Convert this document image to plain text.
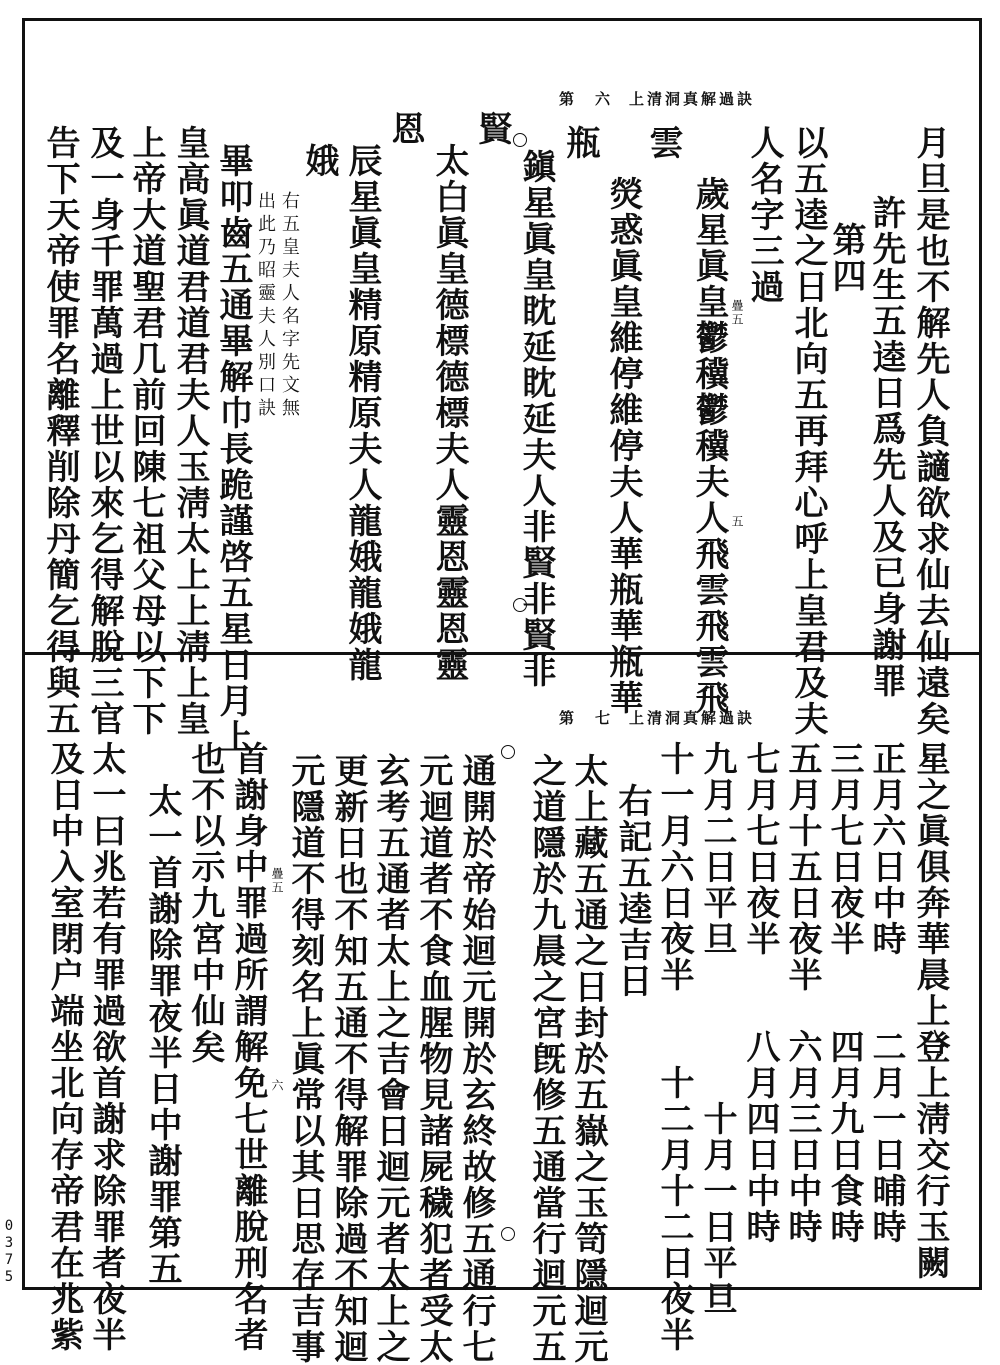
0
3
7
5
上清洞真解過訣
第　六
月旦是也不解先人負讁欲求仙去仙遠矣
許先生五逵日爲先人及已身謝罪
第四
以五逵之日北向五再拜心呼上皇君及夫
人名字三過
疊五
五
歲星眞皇鬱䆊鬱䆊夫人飛雲飛雲飛
雲
熒惑眞皇維停維停夫人華瓶華瓶華
瓶
鎭星眞皇眈延眈延夫人非賢非賢非
賢
太白眞皇德標德標夫人靈恩靈恩靈
恩
辰星眞皇精原精原夫人龍娥龍娥龍
娥
右五皇夫人名字先文無
出此乃昭靈夫人別口訣
畢叩齒五通畢解巾長跪謹啓五星日月上
皇高眞道君道君夫人玉淸太上上淸上皇
上帝大道聖君几前回陳七祖父母以下下
及一身千罪萬過上世以來乞得解脫三官
告下天帝使罪名離釋削除丹簡乞得與五	上清洞真解過訣
第　七
星之眞俱奔華晨上登上淸交行玉闕
正月六日中時　　二月一日晡時
三月七日夜半　　四月九日食時
五月十五日夜半　六月三日中時
七月七日夜半　　八月四日中時
九月二日平旦　　　　十月一日平旦
十一月六日夜半　　十二月十二日夜半
右記五逵吉日
太上藏五通之日封於五嶽之玉笥隱迴元
之道隱於九晨之宮旣修五通當行迴元五
通開於帝始迴元開於玄終故修五通行七
元迴道者不食血腥物見諸屍穢犯者受太
玄考五通者太上之吉會日迴元者太上之
更新日也不知五通不得解罪除過不知迴
元隱道不得刻名上眞常以其日思存吉事
疊五
六
首謝身中罪過所謂解免七世離脫刑名者
也不以示九宮中仙矣
太一首謝除罪夜半日中謝罪第五
太一曰兆若有罪過欲首謝求除罪者夜半
及日中入室閉户端坐北向存帝君在兆紫
